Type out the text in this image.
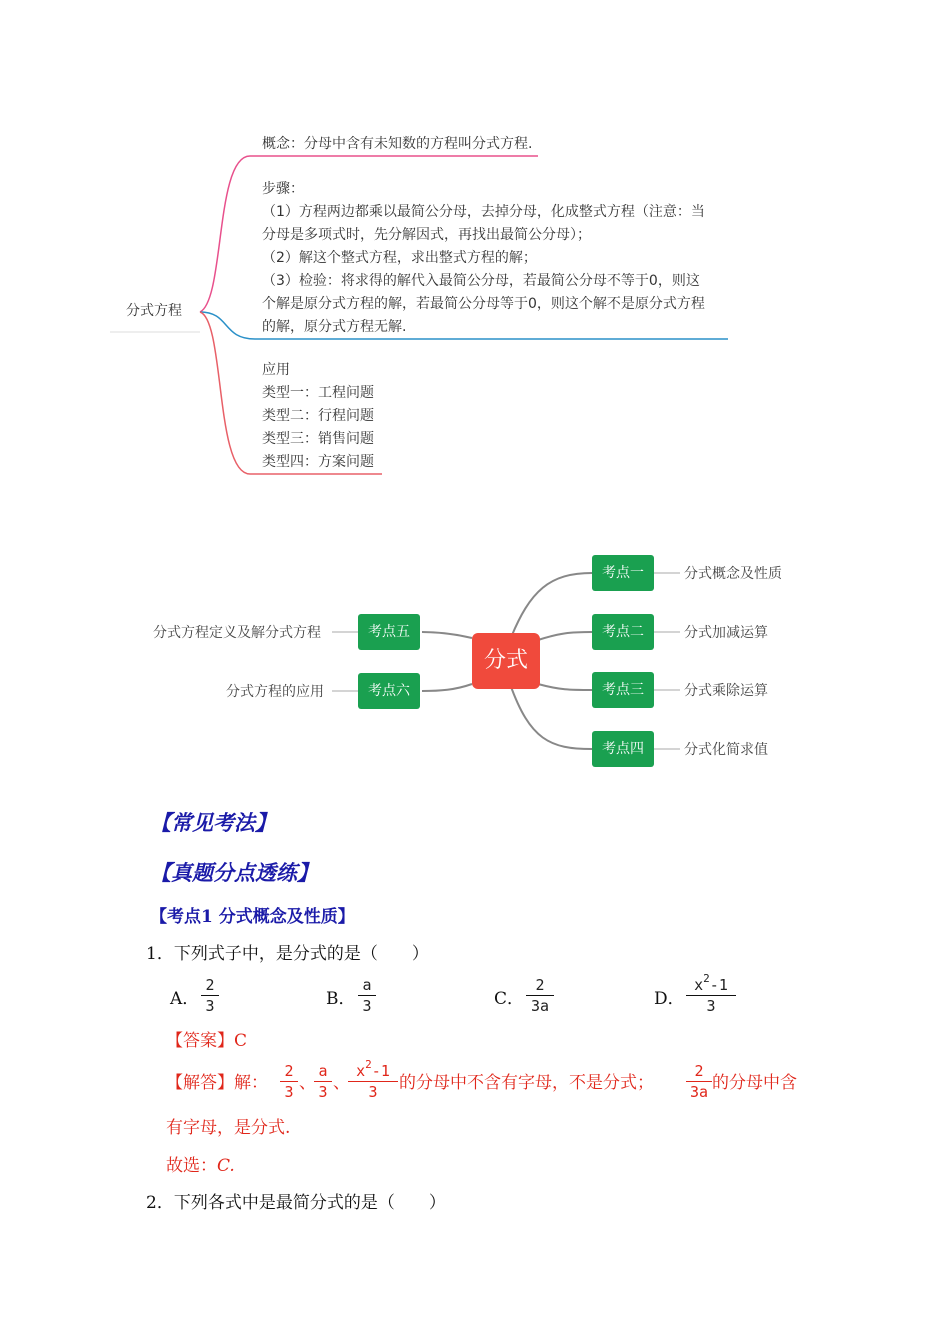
分式方程
概念：分母中含有未知数的方程叫分式方程.
步骤：
（1）方程两边都乘以最简公分母，去掉分母，化成整式方程（注意：当
分母是多项式时，先分解因式，再找出最简公分母）；
（2）解这个整式方程，求出整式方程的解；
（3）检验：将求得的解代入最简公分母，若最简公分母不等于0，则这
个解是原分式方程的解，若最简公分母等于0，则这个解不是原分式方程
的解，原分式方程无解.
应用
类型一：工程问题
类型二：行程问题
类型三：销售问题
类型四：方案问题
分式
考点一
考点二
考点三
考点四
考点五
考点六
分式概念及性质
分式加减运算
分式乘除运算
分式化简求值
分式方程定义及解分式方程
分式方程的应用
【常见考法】
【真题分点透练】
【考点1 分式概念及性质】
1．下列式子中，是分式的是（　　）
A．
2
3	B．
a
3	C．
2
3a	D．
$x^2-1$
3
【答案】C
【解答】解：
2
3 、
a
3 、
$x^2-1$
3	的分母中不含有字母，不是分式；
2
3a 的分母中含
有字母，是分式.
故选：C.
2．下列各式中是最简分式的是（　　）
